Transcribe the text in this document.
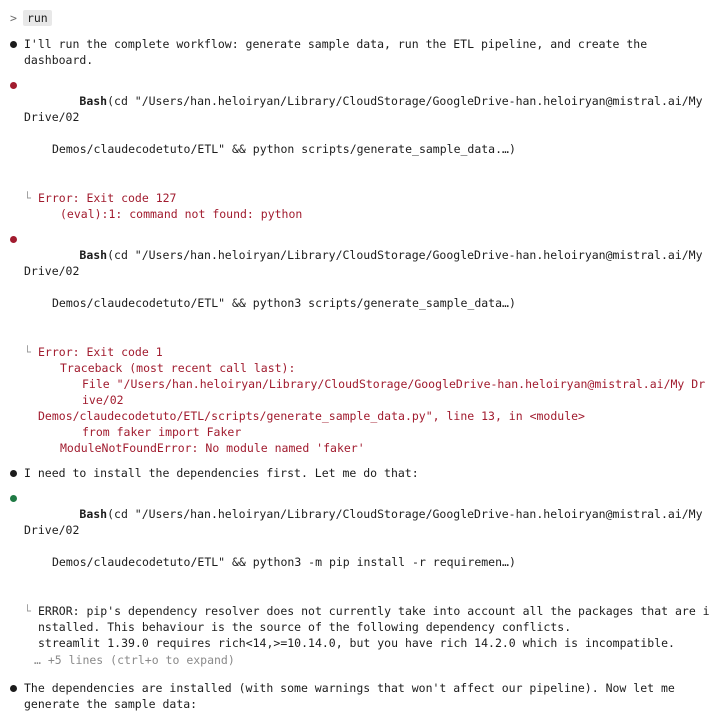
> run
I'll run the complete workflow: generate sample data, run the ETL pipeline, and create the dashboard.

Bash(cd "/Users/han.heloiryan/Library/CloudStorage/GoogleDrive-han.heloiryan@mistral.ai/My Drive/02

Demos/claudecodetuto/ETL" && python scripts/generate_sample_data.…)

└ Error: Exit code 127
(eval):1: command not found: python

Bash(cd "/Users/han.heloiryan/Library/CloudStorage/GoogleDrive-han.heloiryan@mistral.ai/My Drive/02

Demos/claudecodetuto/ETL" && python3 scripts/generate_sample_data…)

└ Error: Exit code 1
Traceback (most recent call last):
File "/Users/han.heloiryan/Library/CloudStorage/GoogleDrive-han.heloiryan@mistral.ai/My Drive/02
Demos/claudecodetuto/ETL/scripts/generate_sample_data.py", line 13, in <module>
from faker import Faker
ModuleNotFoundError: No module named 'faker'
I need to install the dependencies first. Let me do that:

Bash(cd "/Users/han.heloiryan/Library/CloudStorage/GoogleDrive-han.heloiryan@mistral.ai/My Drive/02

Demos/claudecodetuto/ETL" && python3 -m pip install -r requiremen…)

└ ERROR: pip's dependency resolver does not currently take into account all the packages that are i
nstalled. This behaviour is the source of the following dependency conflicts.
streamlit 1.39.0 requires rich<14,>=10.14.0, but you have rich 14.2.0 which is incompatible.
… +5 lines (ctrl+o to expand)
The dependencies are installed (with some warnings that won't affect our pipeline). Now let me generate the sample data:
